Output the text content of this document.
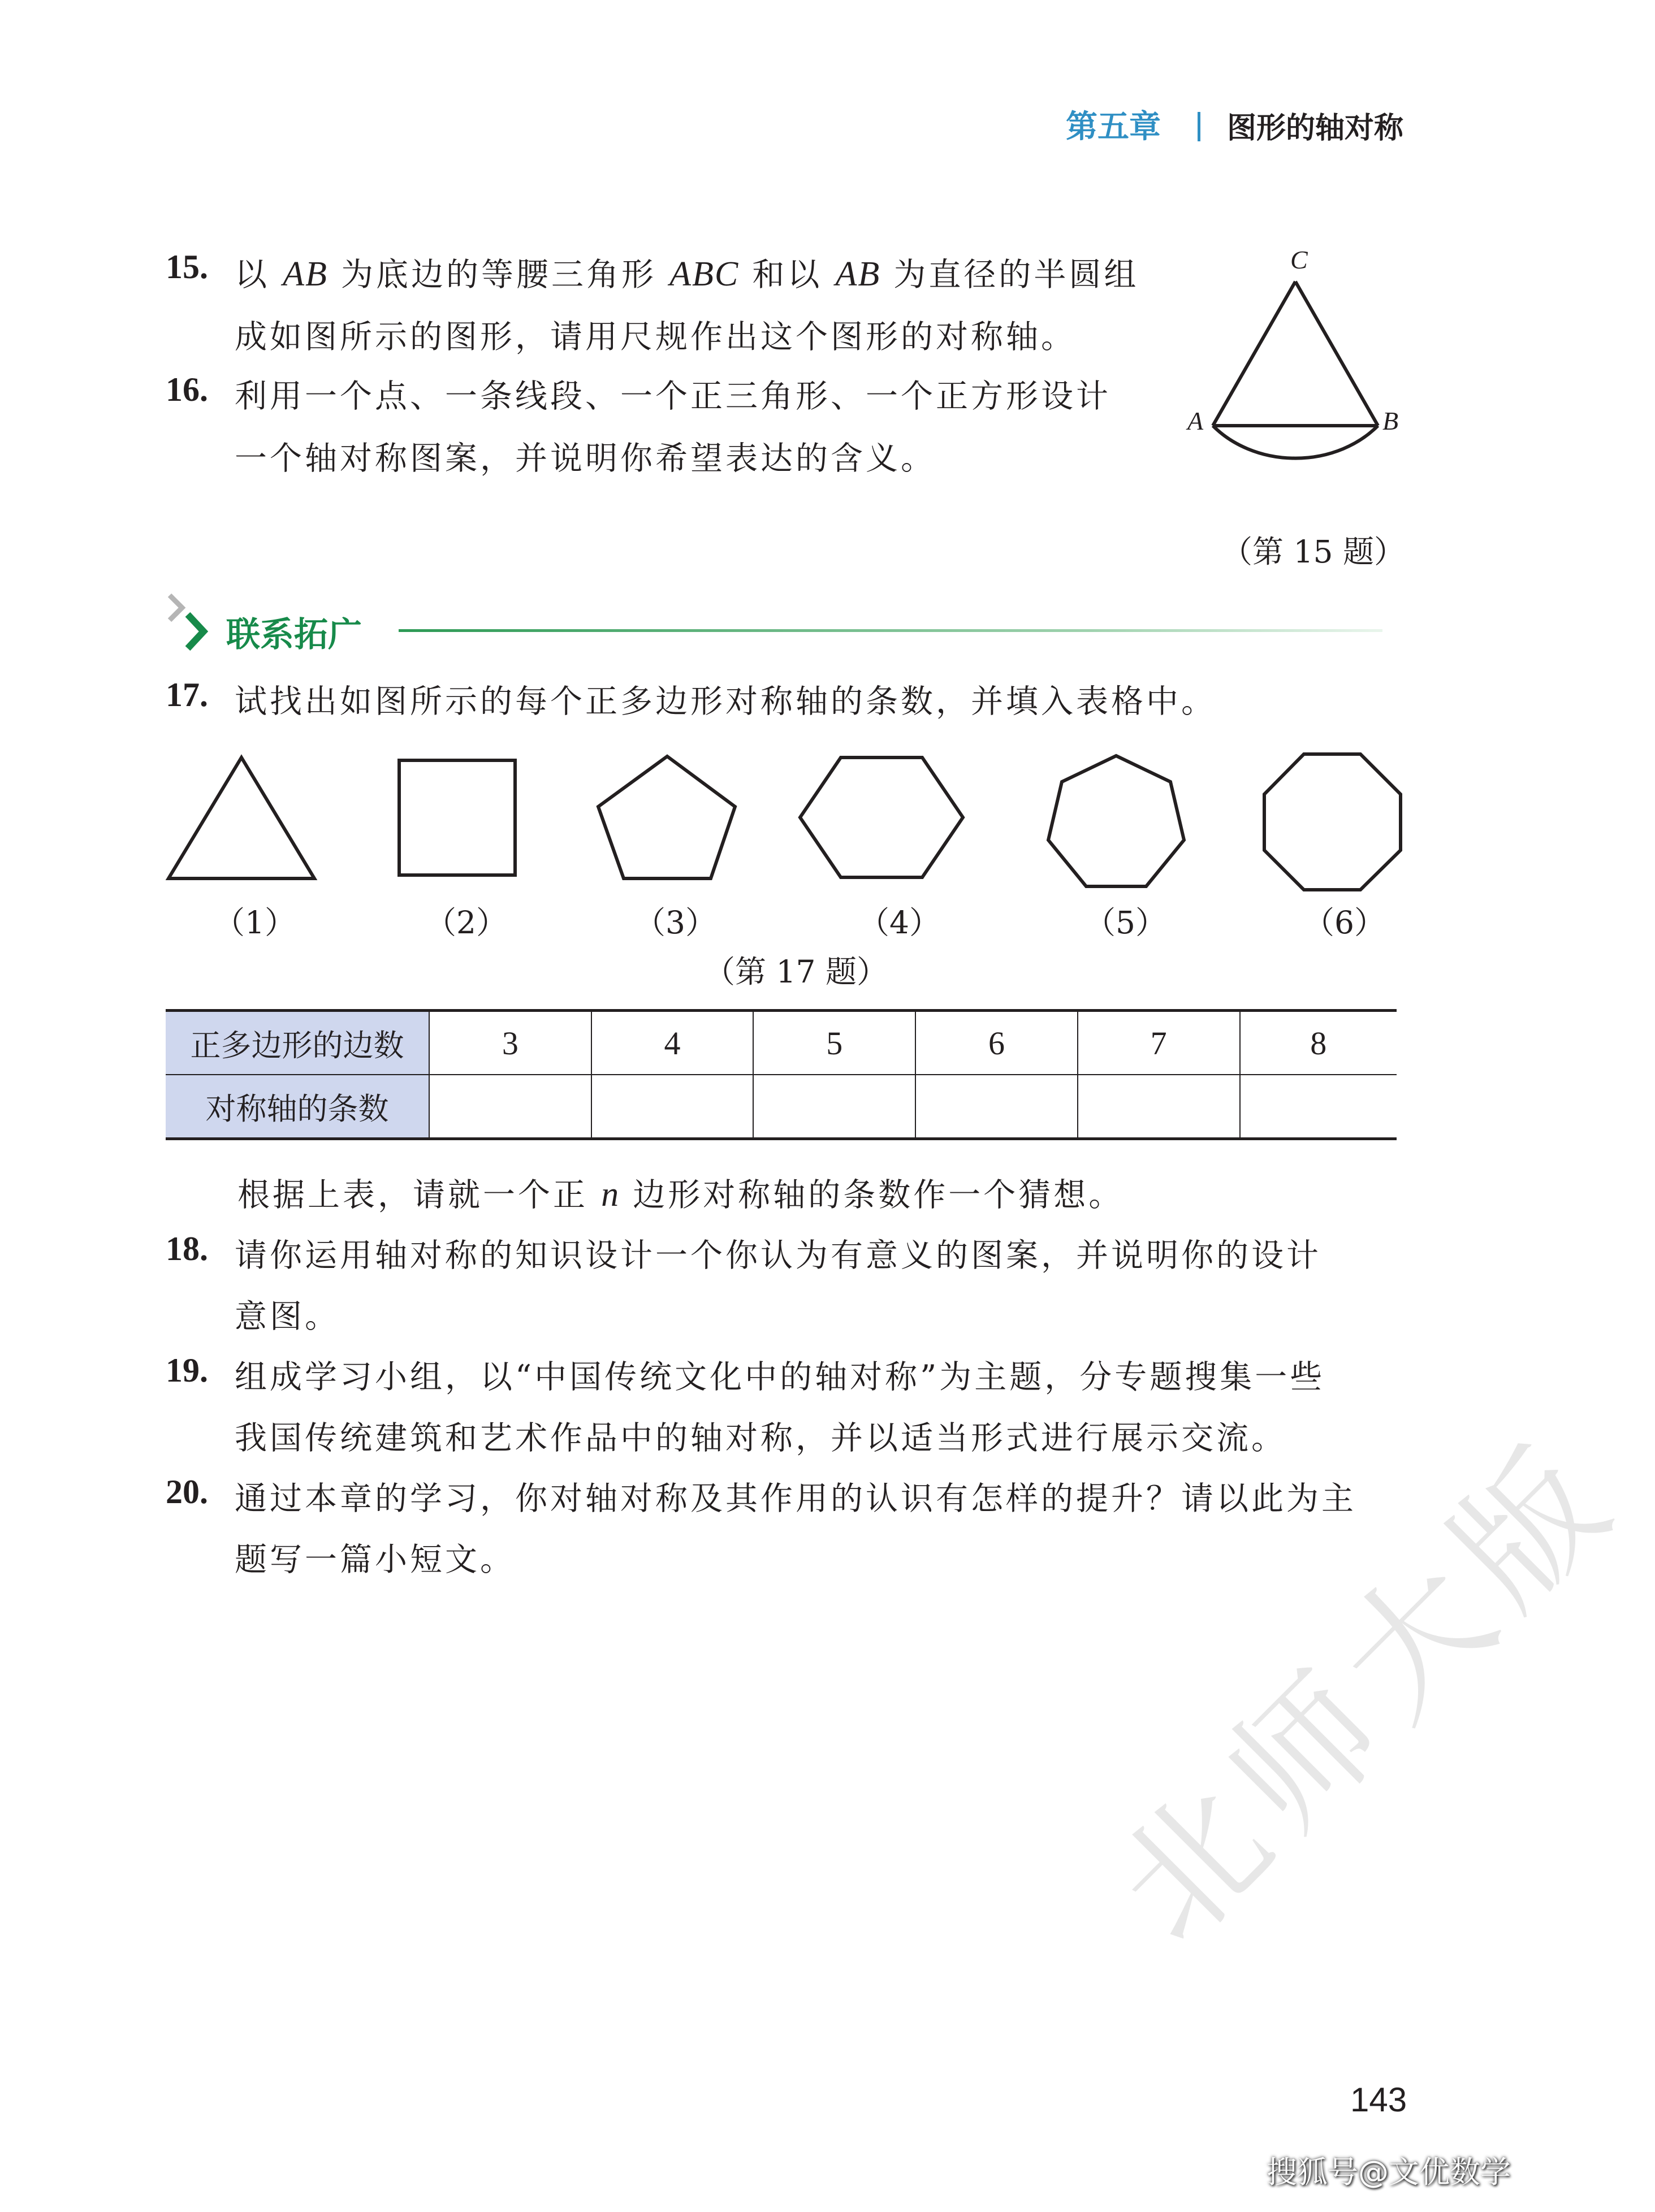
第五章 图形的轴对称
15. 以 AB 为底边的等腰三角形 ABC 和以 AB 为直径的半圆组
成如图所示的图形，请用尺规作出这个图形的对称轴。
16. 利用一个点、一条线段、一个正三角形、一个正方形设计
一个轴对称图案，并说明你希望表达的含义。
C
A	B
（第 15 题）
联系拓广
17. 试找出如图所示的每个正多边形对称轴的条数，并填入表格中。
（1）	（2）	（3）	（4）	（5）	（6）
（第 17 题）
正多边形的边数	3	4	5	6	7	8
对称轴的条数						
根据上表，请就一个正 n 边形对称轴的条数作一个猜想。
18. 请你运用轴对称的知识设计一个你认为有意义的图案，并说明你的设计
意图。
19. 组成学习小组，以“中国传统文化中的轴对称”为主题，分专题搜集一些
我国传统建筑和艺术作品中的轴对称，并以适当形式进行展示交流。
20. 通过本章的学习，你对轴对称及其作用的认识有怎样的提升？请以此为主
题写一篇小短文。	北师大版
143
搜狐号@文优数学
